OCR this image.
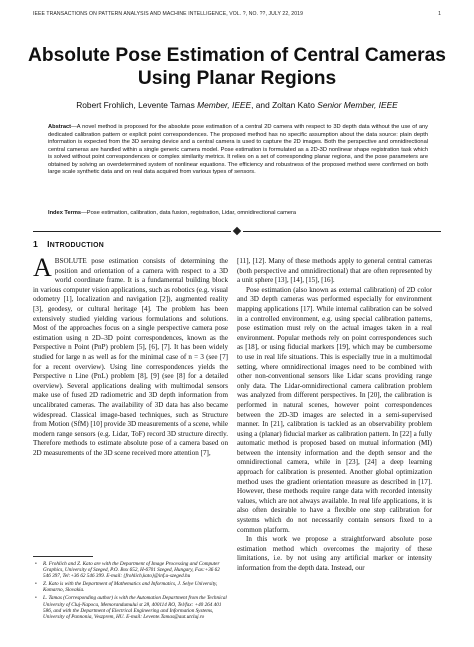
IEEE TRANSACTIONS ON PATTERN ANALYSIS AND MACHINE INTELLIGENCE, VOL. ?, NO. ??, JULY 22, 2019	1
Absolute Pose Estimation of Central Cameras Using Planar Regions
Robert Frohlich, Levente Tamas Member, IEEE, and Zoltan Kato Senior Member, IEEE
Abstract—A novel method is proposed for the absolute pose estimation of a central 2D camera with respect to 3D depth data without the use of any dedicated calibration pattern or explicit point correspondences. The proposed method has no specific assumption about the data source: plain depth information is expected from the 3D sensing device and a central camera is used to capture the 2D images. Both the perspective and omnidirectional central cameras are handled within a single generic camera model. Pose estimation is formulated as a 2D-3D nonlinear shape registration task which is solved without point correspondences or complex similarity metrics. It relies on a set of corresponding planar regions, and the pose parameters are obtained by solving an overdetermined system of nonlinear equations. The efficiency and robustness of the proposed method were confirmed on both large scale synthetic data and on real data acquired from various types of sensors.
Index Terms—Pose estimation, calibration, data fusion, registration, Lidar, omnidirectional camera
1 INTRODUCTION
A BSOLUTE pose estimation consists of determining the position and orientation of a camera with respect to a 3D world coordinate frame. It is a fundamental building block in various computer vision applications, such as robotics (e.g. visual odometry [1], localization and navigation [2]), augmented reality [3], geodesy, or cultural heritage [4]. The problem has been extensively studied yielding various formulations and solutions. Most of the approaches focus on a single perspective camera pose estimation using n 2D–3D point correspondences, known as the Perspective n Point (PnP) problem [5], [6], [7]. It has been widely studied for large n as well as for the minimal case of n = 3 (see [7] for a recent overview). Using line correspondences yields the Perspective n Line (PnL) problem [8], [9] (see [8] for a detailed overview). Several applications dealing with multimodal sensors make use of fused 2D radiometric and 3D depth information from uncalibrated cameras. The availability of 3D data has also became widespread. Classical image-based techniques, such as Structure from Motion (SfM) [10] provide 3D measurements of a scene, while modern range sensors (e.g. Lidar, ToF) record 3D structure directly. Therefore methods to estimate absolute pose of a camera based on 2D measurements of the 3D scene received more attention [7],

[11], [12]. Many of these methods apply to general central cameras (both perspective and omnidirectional) that are often represented by a unit sphere [13], [14], [15], [16].

Pose estimation (also known as external calibration) of 2D color and 3D depth cameras was performed especially for environment mapping applications [17]. While internal calibration can be solved in a controlled environment, e.g. using special calibration patterns, pose estimation must rely on the actual images taken in a real environment. Popular methods rely on point correspondences such as [18], or using fiducial markers [19], which may be cumbersome to use in real life situations. This is especially true in a multimodal setting, where omnidirectional images need to be combined with other non-conventional sensors like Lidar scans providing range only data. The Lidar-omnidirectional camera calibration problem was analyzed from different perspectives. In [20], the calibration is performed in natural scenes, however point correspondences between the 2D-3D images are selected in a semi-supervised manner. In [21], calibration is tackled as an observability problem using a (planar) fiducial marker as calibration pattern. In [22] a fully automatic method is proposed based on mutual information (MI) between the intensity information and the depth sensor and the omnidirectional camera, while in [23], [24] a deep learning approach for calibration is presented. Another global optimization method uses the gradient orientation measure as described in [17]. However, these methods require range data with recorded intensity values, which are not always available. In real life applications, it is also often desirable to have a flexible one step calibration for systems which do not necessarily contain sensors fixed to a common platform.

In this work we propose a straightforward absolute pose estimation method which overcomes the majority of these limitations, i.e. by not using any artificial marker or intensity information from the depth data. Instead, our

• R. Frohlich and Z. Kato are with the Department of Image Processing and Computer Graphics, University of Szeged, P.O. Box 652, H-6701 Szeged, Hungary, Fax:+36 62 546 397, Tel:+36 62 546 399. E-mail: {frohlich,kato}@inf.u-szeged.hu
• Z. Kato is with the Department of Mathematics and Informatics, J. Selye University, Komarno, Slovakia.
• L. Tamas (Corresponding author) is with the Automation Department from the Technical University of Cluj-Napoca, Memorandumului st 28, 400114 RO, Tel/fax: +40 264 401 586, and with the Department of Electrical Engineering and Information Systems, University of Pannonia, Veszprem, HU. E-mail: Levente.Tamas@aut.utcluj.ro
